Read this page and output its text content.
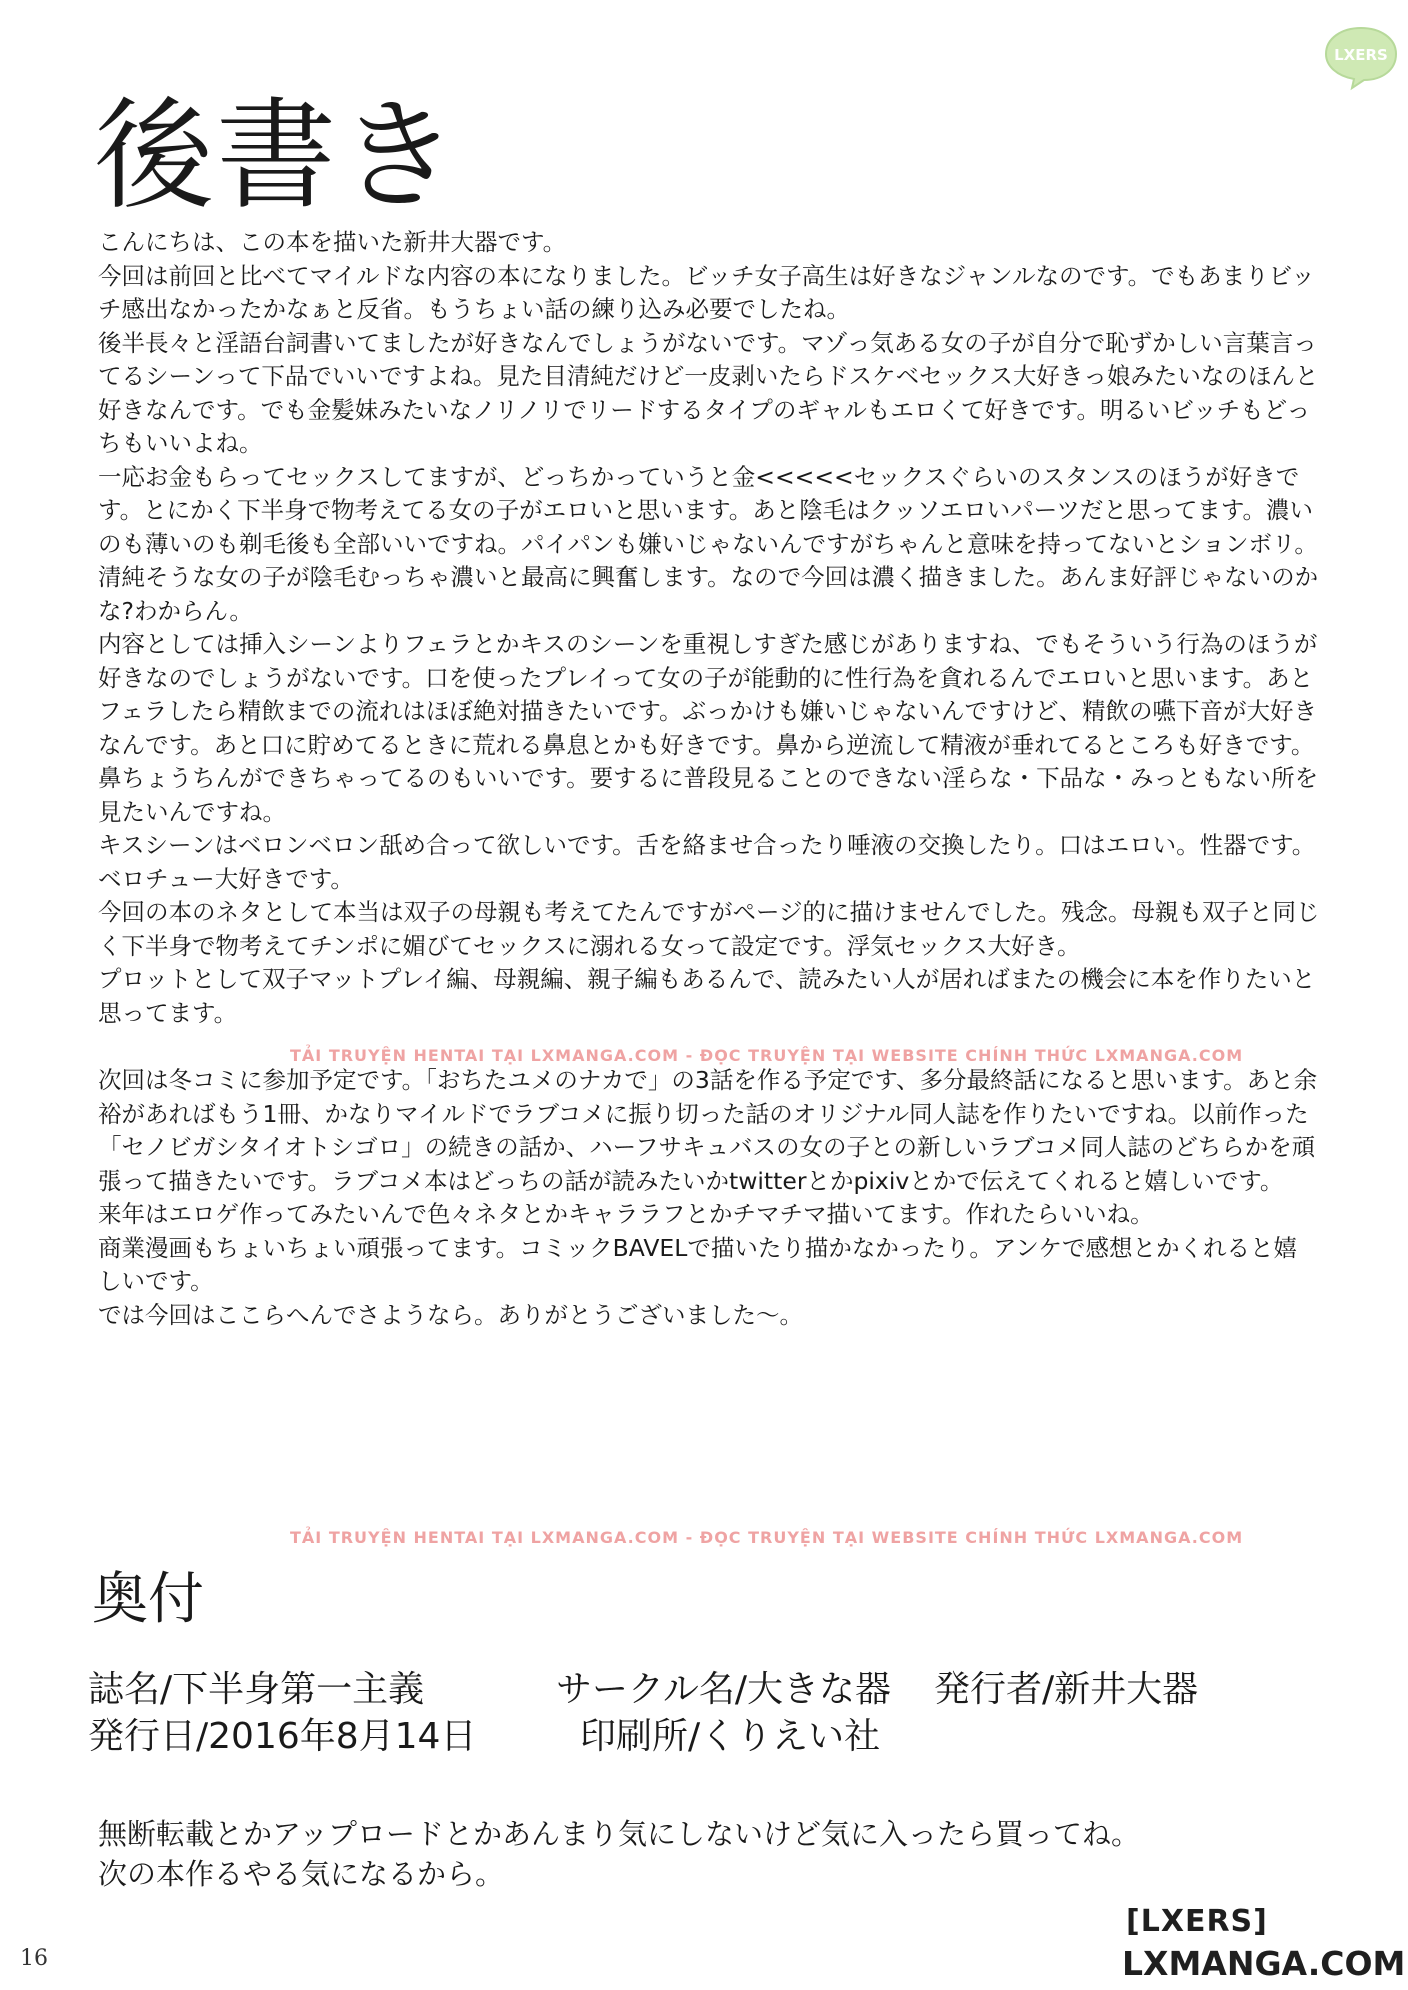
LXERS
後書き

こんにちは、この本を描いた新井大器です。

今回は前回と比べてマイルドな内容の本になりました。ビッチ女子高生は好きなジャンルなのです。でもあまりビッチ感出なかったかなぁと反省。もうちょい話の練り込み必要でしたね。

後半長々と淫語台詞書いてましたが好きなんでしょうがないです。マゾっ気ある女の子が自分で恥ずかしい言葉言ってるシーンって下品でいいですよね。見た目清純だけど一皮剥いたらドスケベセックス大好きっ娘みたいなのほんと好きなんです。でも金髪妹みたいなノリノリでリードするタイプのギャルもエロくて好きです。明るいビッチもどっちもいいよね。

一応お金もらってセックスしてますが、どっちかっていうと金<<<<<セックスぐらいのスタンスのほうが好きです。とにかく下半身で物考えてる女の子がエロいと思います。あと陰毛はクッソエロいパーツだと思ってます。濃いのも薄いのも剃毛後も全部いいですね。パイパンも嫌いじゃないんですがちゃんと意味を持ってないとションボリ。清純そうな女の子が陰毛むっちゃ濃いと最高に興奮します。なので今回は濃く描きました。あんま好評じゃないのかな?わからん。

内容としては挿入シーンよりフェラとかキスのシーンを重視しすぎた感じがありますね、でもそういう行為のほうが好きなのでしょうがないです。口を使ったプレイって女の子が能動的に性行為を貪れるんでエロいと思います。あとフェラしたら精飲までの流れはほぼ絶対描きたいです。ぶっかけも嫌いじゃないんですけど、精飲の嚥下音が大好きなんです。あと口に貯めてるときに荒れる鼻息とかも好きです。鼻から逆流して精液が垂れてるところも好きです。鼻ちょうちんができちゃってるのもいいです。要するに普段見ることのできない淫らな・下品な・みっともない所を見たいんですね。

キスシーンはベロンベロン舐め合って欲しいです。舌を絡ませ合ったり唾液の交換したり。口はエロい。性器です。ベロチュー大好きです。

今回の本のネタとして本当は双子の母親も考えてたんですがページ的に描けませんでした。残念。母親も双子と同じく下半身で物考えてチンポに媚びてセックスに溺れる女って設定です。浮気セックス大好き。

プロットとして双子マットプレイ編、母親編、親子編もあるんで、読みたい人が居ればまたの機会に本を作りたいと思ってます。

次回は冬コミに参加予定です。「おちたユメのナカで」の3話を作る予定です、多分最終話になると思います。あと余裕があればもう1冊、かなりマイルドでラブコメに振り切った話のオリジナル同人誌を作りたいですね。以前作った「セノビガシタイオトシゴロ」の続きの話か、ハーフサキュバスの女の子との新しいラブコメ同人誌のどちらかを頑張って描きたいです。ラブコメ本はどっちの話が読みたいかtwitterとかpixivとかで伝えてくれると嬉しいです。

来年はエロゲ作ってみたいんで色々ネタとかキャララフとかチマチマ描いてます。作れたらいいね。

商業漫画もちょいちょい頑張ってます。コミックBAVELで描いたり描かなかったり。アンケで感想とかくれると嬉しいです。

では今回はここらへんでさようなら。ありがとうございました〜。

TẢI TRUYỆN HENTAI TẠI LXMANGA.COM - ĐỌC TRUYỆN TẠI WEBSITE CHÍNH THỨC LXMANGA.COM
TẢI TRUYỆN HENTAI TẠI LXMANGA.COM - ĐỌC TRUYỆN TẠI WEBSITE CHÍNH THỨC LXMANGA.COM
奥付
誌名/下半身第一主義	サークル名/大きな器 発行者/新井大器
発行日/2016年8月14日	印刷所/くりえい社

無断転載とかアップロードとかあんまり気にしないけど気に入ったら買ってね。

次の本作るやる気になるから。

16
[LXERS]
LXMANGA.COM
